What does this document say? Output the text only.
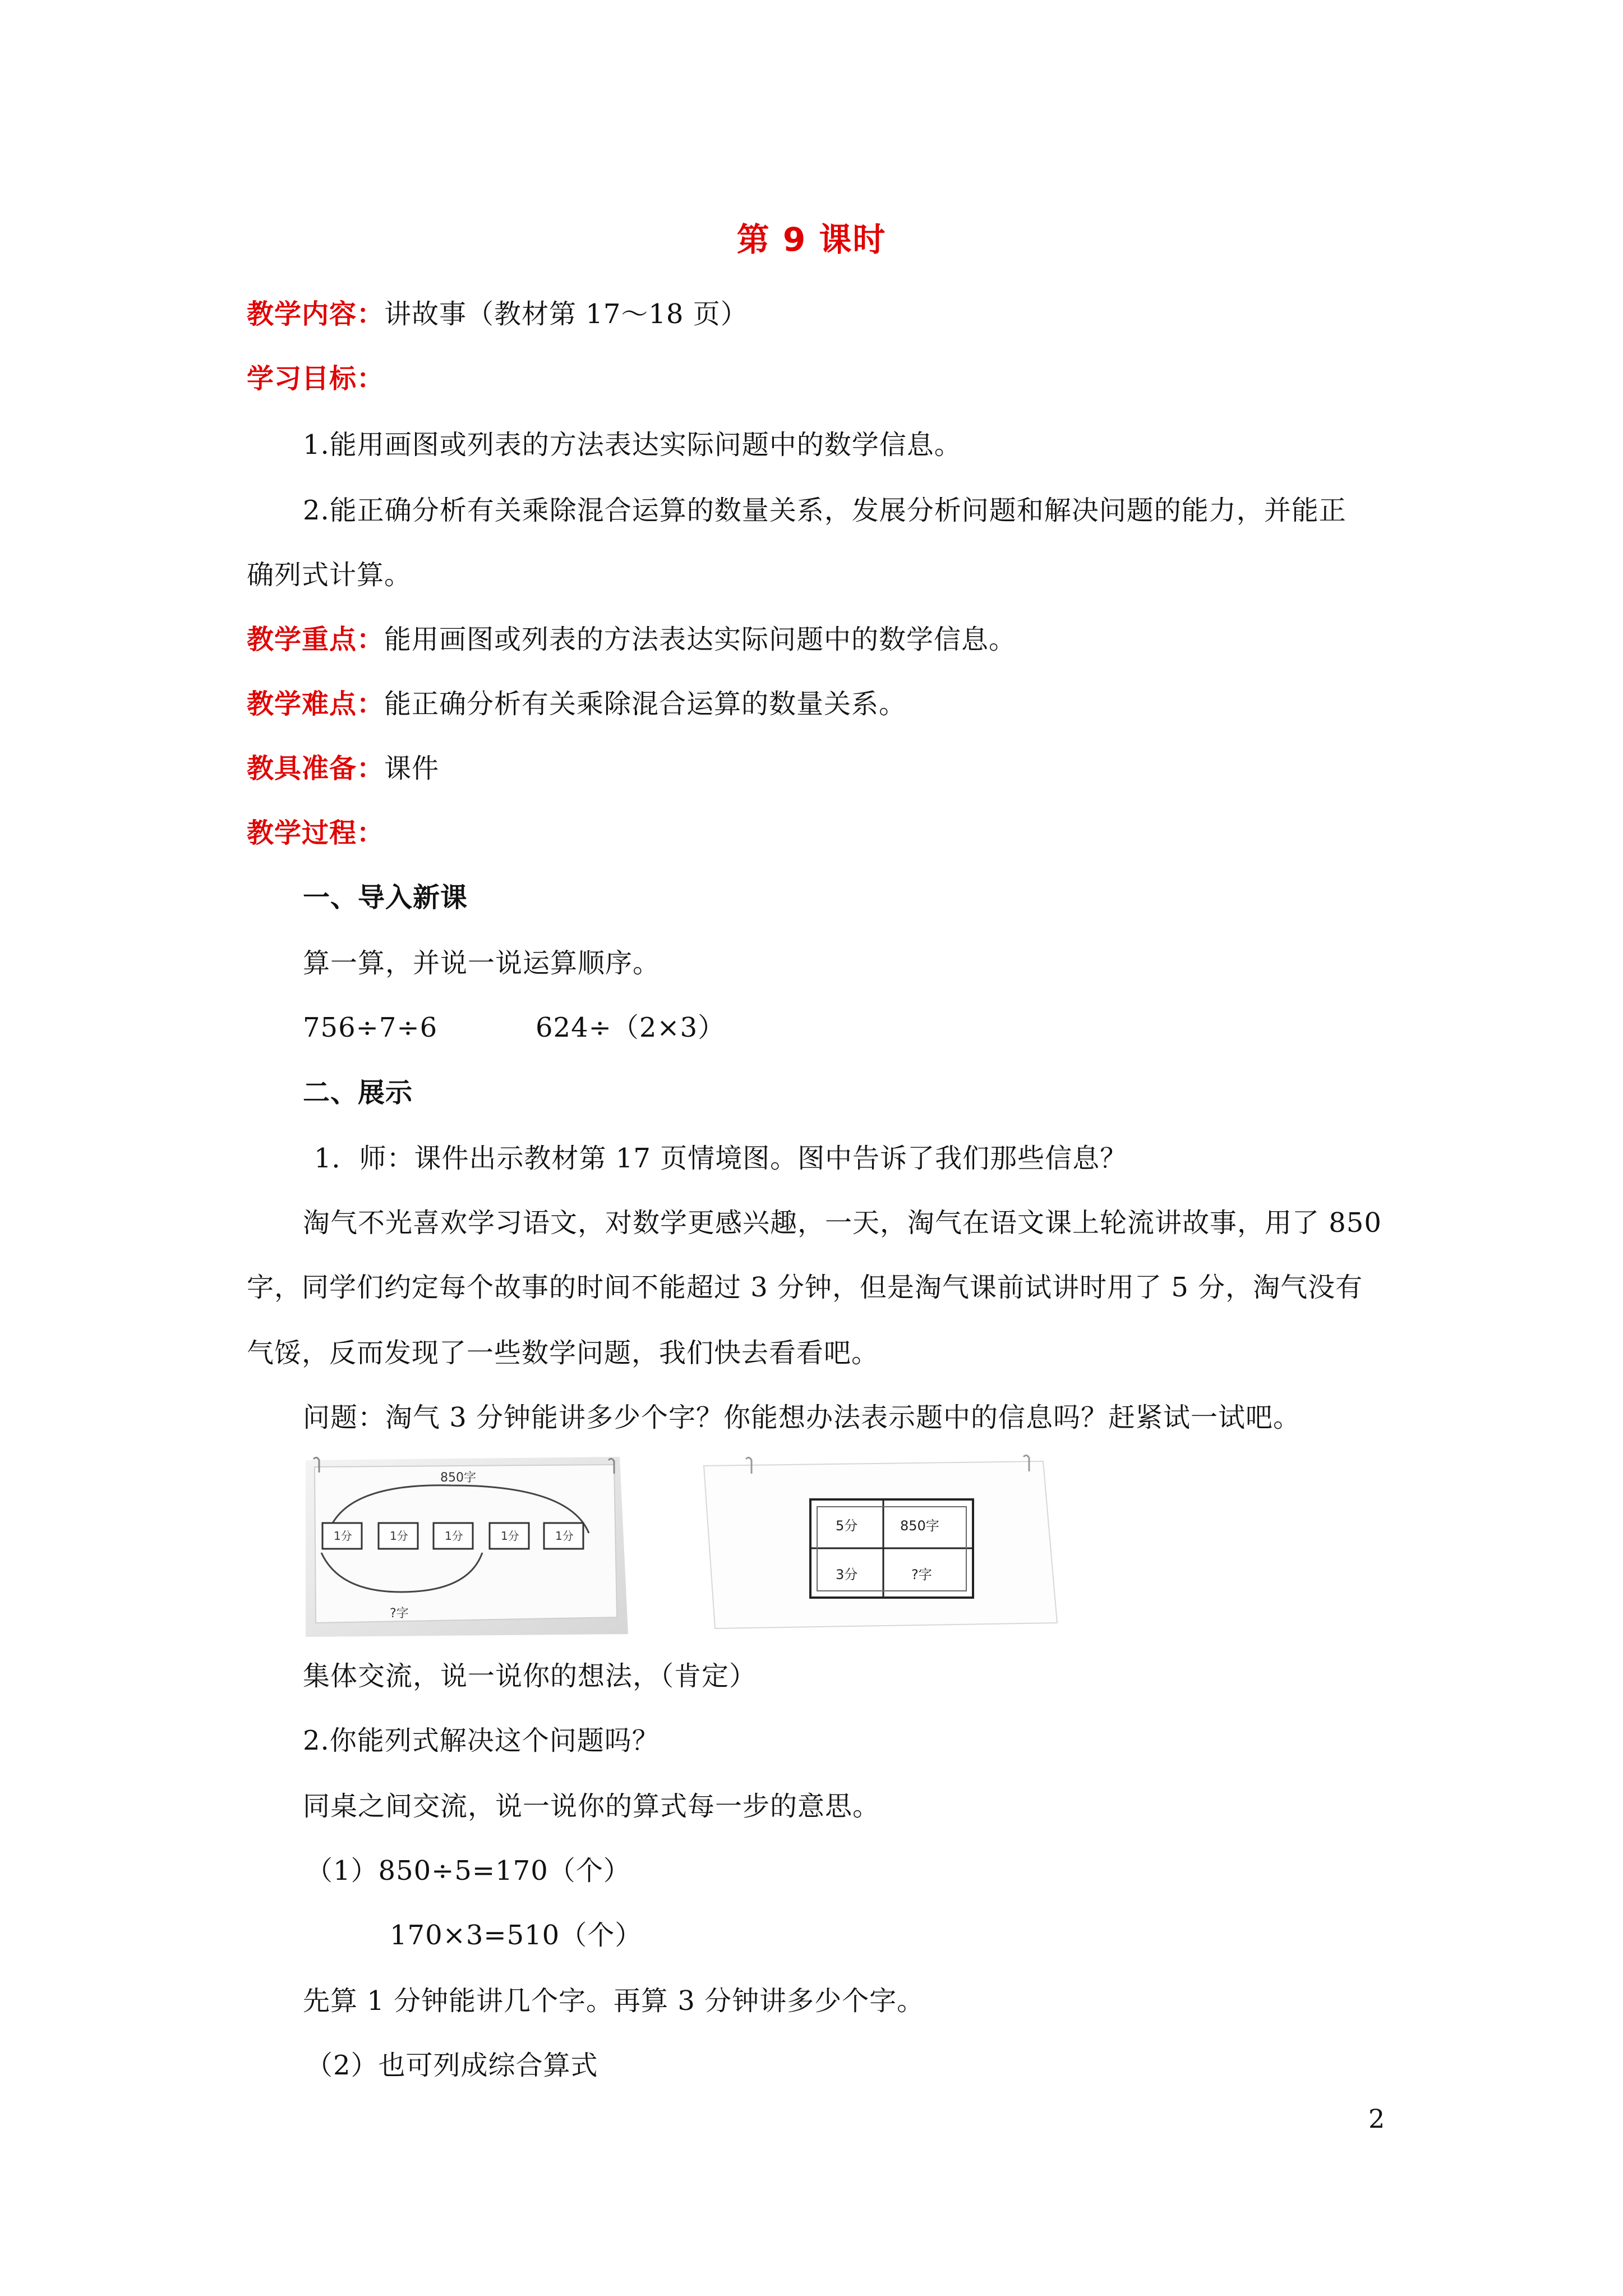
第 9 课时
教学内容：讲故事（教材第 17～18 页）
学习目标：
1.能用画图或列表的方法表达实际问题中的数学信息。
2.能正确分析有关乘除混合运算的数量关系，发展分析问题和解决问题的能力，并能正
确列式计算。
教学重点：能用画图或列表的方法表达实际问题中的数学信息。
教学难点：能正确分析有关乘除混合运算的数量关系。
教具准备：课件
教学过程：
一、导入新课
算一算，并说一说运算顺序。
756÷7÷6	624÷（2×3）
二、展示
1．师：课件出示教材第 17 页情境图。图中告诉了我们那些信息？
淘气不光喜欢学习语文，对数学更感兴趣，一天，淘气在语文课上轮流讲故事，用了 850
字，同学们约定每个故事的时间不能超过 3 分钟，但是淘气课前试讲时用了 5 分，淘气没有
气馁，反而发现了一些数学问题，我们快去看看吧。
问题：淘气 3 分钟能讲多少个字？你能想办法表示题中的信息吗？赶紧试一试吧。
850字
1分	1分	1分	1分	1分
?字
5分	850字
3分	?字
集体交流，说一说你的想法，（肯定）
2.你能列式解决这个问题吗？
同桌之间交流，说一说你的算式每一步的意思。
（1）850÷5=170（个）
170×3=510（个）
先算 1 分钟能讲几个字。再算 3 分钟讲多少个字。
（2）也可列成综合算式
2
